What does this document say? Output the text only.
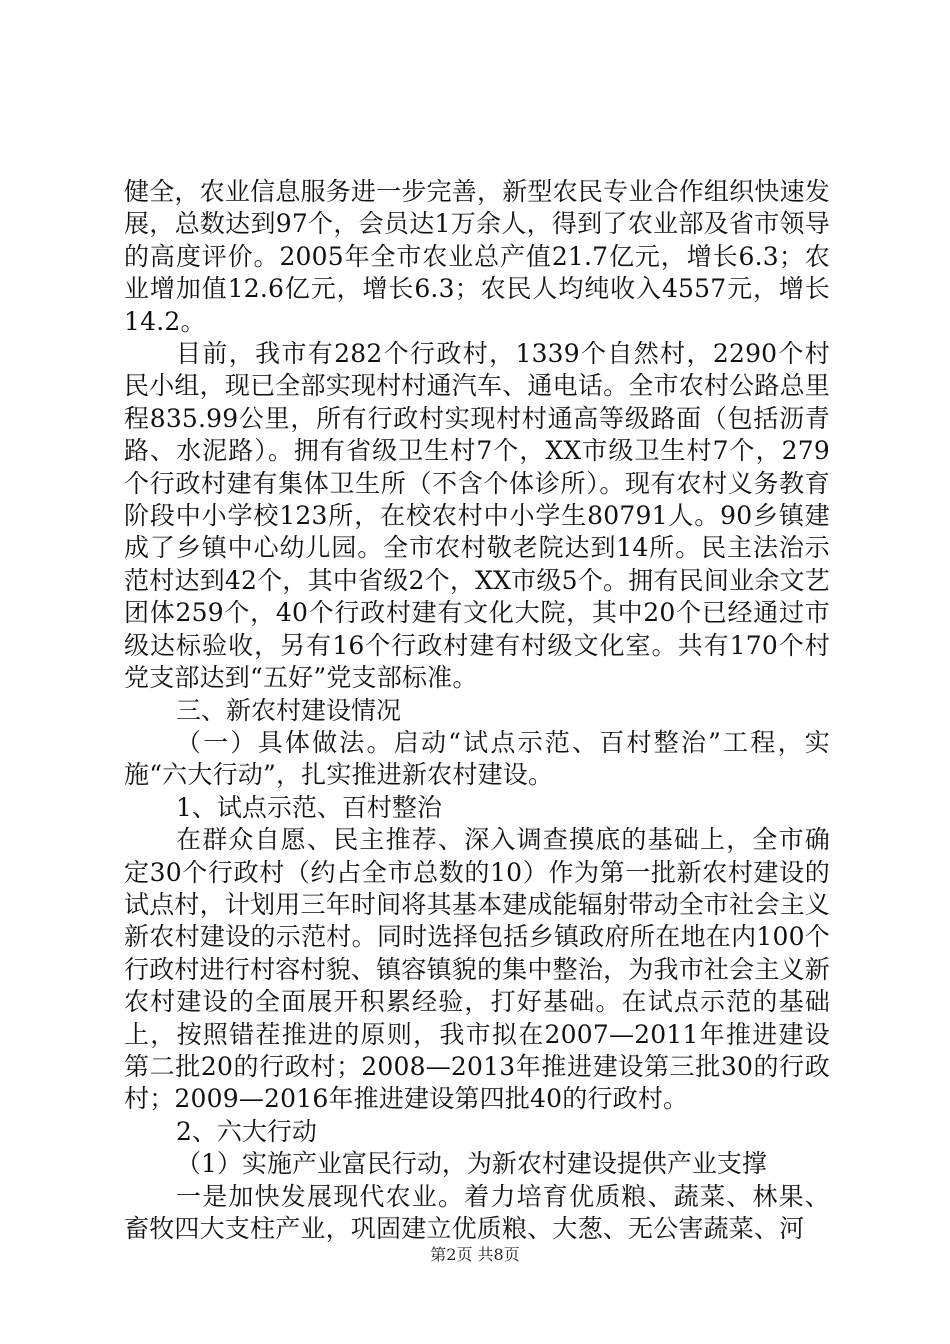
健全，农业信息服务进一步完善，新型农民专业合作组织快速发展，总数达到97个，会员达1万余人，得到了农业部及省市领导的高度评价。2005年全市农业总产值21.7亿元，增长6.3；农业增加值12.6亿元，增长6.3；农民人均纯收入4557元，增长14.2。

目前，我市有282个行政村，1339个自然村，2290个村民小组，现已全部实现村村通汽车、通电话。全市农村公路总里程835.99公里，所有行政村实现村村通高等级路面（包括沥青路、水泥路）。拥有省级卫生村7个，XX市级卫生村7个，279个行政村建有集体卫生所（不含个体诊所）。现有农村义务教育阶段中小学校123所，在校农村中小学生80791人。90乡镇建成了乡镇中心幼儿园。全市农村敬老院达到14所。民主法治示范村达到42个，其中省级2个，XX市级5个。拥有民间业余文艺团体259个，40个行政村建有文化大院，其中20个已经通过市级达标验收，另有16个行政村建有村级文化室。共有170个村党支部达到“五好”党支部标准。

三、新农村建设情况

（一）具体做法。启动“试点示范、百村整治”工程，实施“六大行动”，扎实推进新农村建设。

1、试点示范、百村整治

在群众自愿、民主推荐、深入调查摸底的基础上，全市确定30个行政村（约占全市总数的10）作为第一批新农村建设的试点村，计划用三年时间将其基本建成能辐射带动全市社会主义新农村建设的示范村。同时选择包括乡镇政府所在地在内100个行政村进行村容村貌、镇容镇貌的集中整治，为我市社会主义新农村建设的全面展开积累经验，打好基础。在试点示范的基础上，按照错茬推进的原则，我市拟在2007—2011年推进建设第二批20的行政村；2008—2013年推进建设第三批30的行政村；2009—2016年推进建设第四批40的行政村。

2、六大行动

（1）实施产业富民行动，为新农村建设提供产业支撑

一是加快发展现代农业。着力培育优质粮、蔬菜、林果、畜牧四大支柱产业，巩固建立优质粮、大葱、无公害蔬菜、河

第2页 共8页
